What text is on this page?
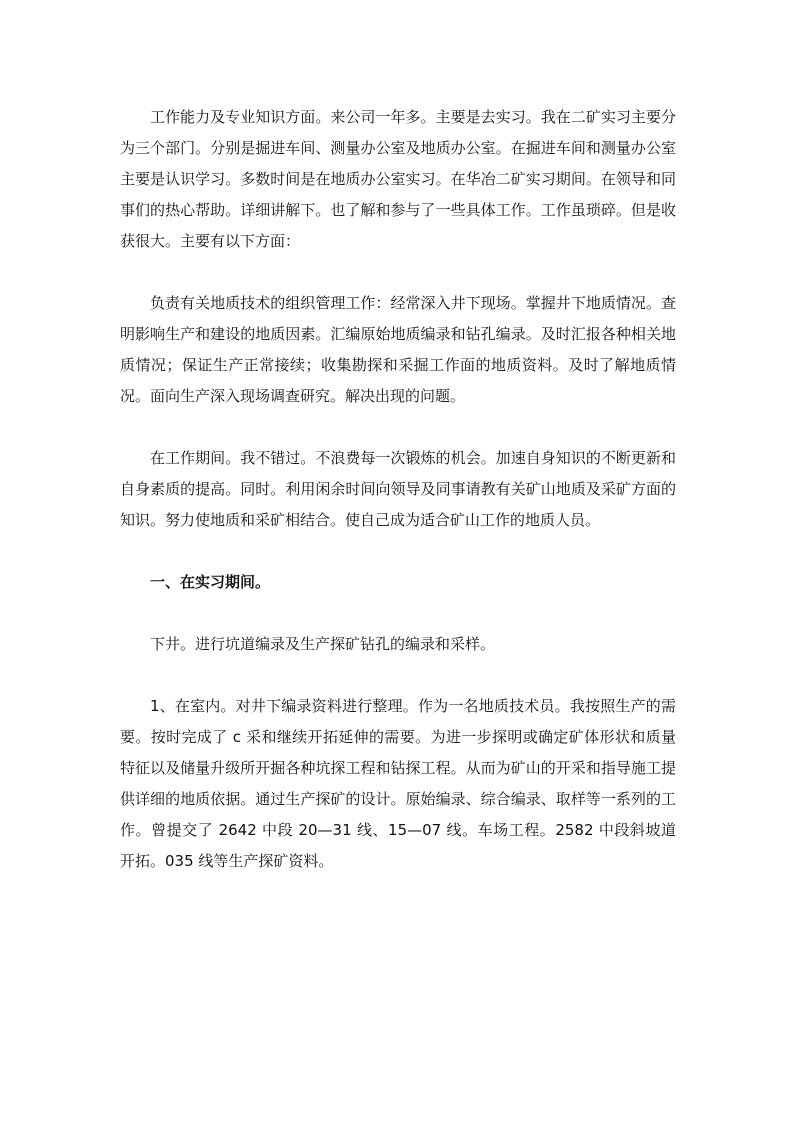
工作能力及专业知识方面。来公司一年多。主要是去实习。我在二矿实习主要分为三个部门。分别是掘进车间、测量办公室及地质办公室。在掘进车间和测量办公室主要是认识学习。多数时间是在地质办公室实习。在华冶二矿实习期间。在领导和同事们的热心帮助。详细讲解下。也了解和参与了一些具体工作。工作虽琐碎。但是收获很大。主要有以下方面：

负责有关地质技术的组织管理工作：经常深入井下现场。掌握井下地质情况。查明影响生产和建设的地质因素。汇编原始地质编录和钻孔编录。及时汇报各种相关地质情况；保证生产正常接续；收集勘探和采掘工作面的地质资料。及时了解地质情况。面向生产深入现场调查研究。解决出现的问题。

在工作期间。我不错过。不浪费每一次锻炼的机会。加速自身知识的不断更新和自身素质的提高。同时。利用闲余时间向领导及同事请教有关矿山地质及采矿方面的知识。努力使地质和采矿相结合。使自己成为适合矿山工作的地质人员。

一、在实习期间。

下井。进行坑道编录及生产探矿钻孔的编录和采样。

1、在室内。对井下编录资料进行整理。作为一名地质技术员。我按照生产的需要。按时完成了 c 采和继续开拓延伸的需要。为进一步探明或确定矿体形状和质量特征以及储量升级所开掘各种坑探工程和钻探工程。从而为矿山的开采和指导施工提供详细的地质依据。通过生产探矿的设计。原始编录、综合编录、取样等一系列的工作。曾提交了 2642 中段 20—31 线、15—07 线。车场工程。2582 中段斜坡道开拓。035 线等生产探矿资料。
